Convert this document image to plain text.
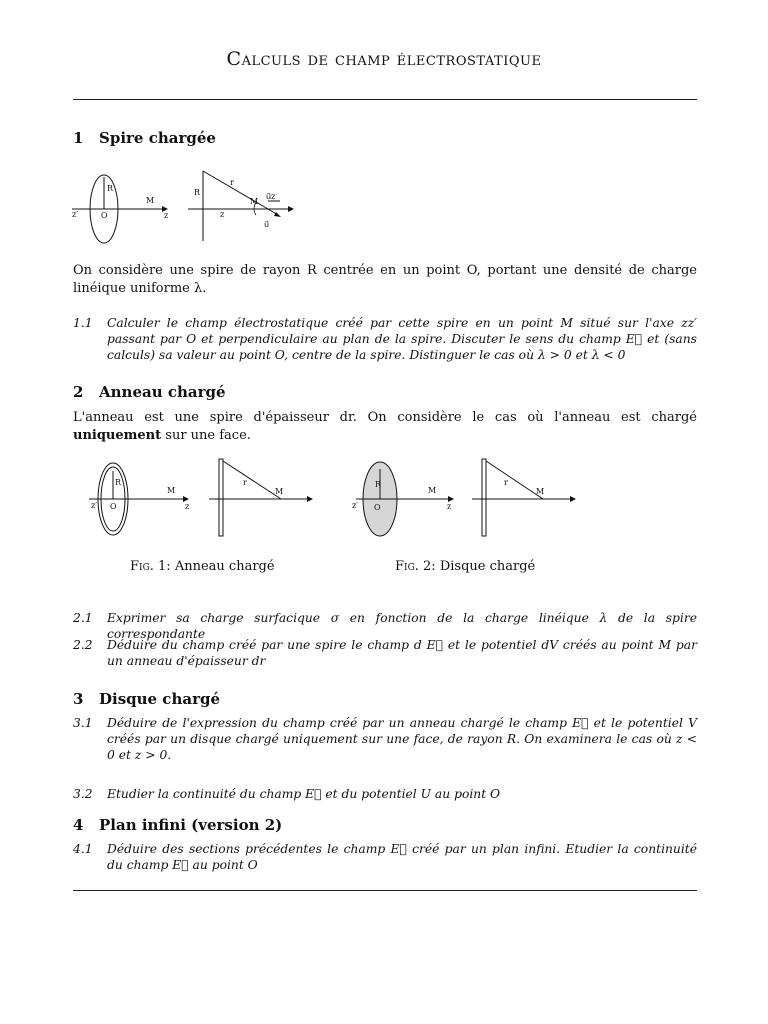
Calculs de champ électrostatique
1 Spire chargée
R
M
O	z
z′
R
r
M
z
u⃗z
u⃗
On considère une spire de rayon R centrée en un point O, portant une densité de charge linéique uniforme λ.
1.1	Calculer le champ électrostatique créé par cette spire en un point M situé sur l'axe zz′ passant par O et perpendiculaire au plan de la spire. Discuter le sens du champ E⃗ et (sans calculs) sa valeur au point O, centre de la spire. Distinguer le cas où λ > 0 et λ < 0
2 Anneau chargé
L'anneau est une spire d'épaisseur dr. On considère le cas où l'anneau est chargé uniquement sur une face.
R
M
O	z
z′
r
M
R
M
O	z
z′
r
M
Fig. 1: Anneau chargé	Fig. 2: Disque chargé
2.1	Exprimer sa charge surfacique σ en fonction de la charge linéique λ de la spire correspondante
2.2	Déduire du champ créé par une spire le champ d E⃗ et le potentiel dV créés au point M par un anneau d'épaisseur dr
3 Disque chargé
3.1	Déduire de l'expression du champ créé par un anneau chargé le champ E⃗ et le potentiel V créés par un disque chargé uniquement sur une face, de rayon R. On examinera le cas où z < 0 et z > 0.
3.2	Etudier la continuité du champ E⃗ et du potentiel U au point O
4 Plan infini (version 2)
4.1	Déduire des sections précédentes le champ E⃗ créé par un plan infini. Etudier la continuité du champ E⃗ au point O
